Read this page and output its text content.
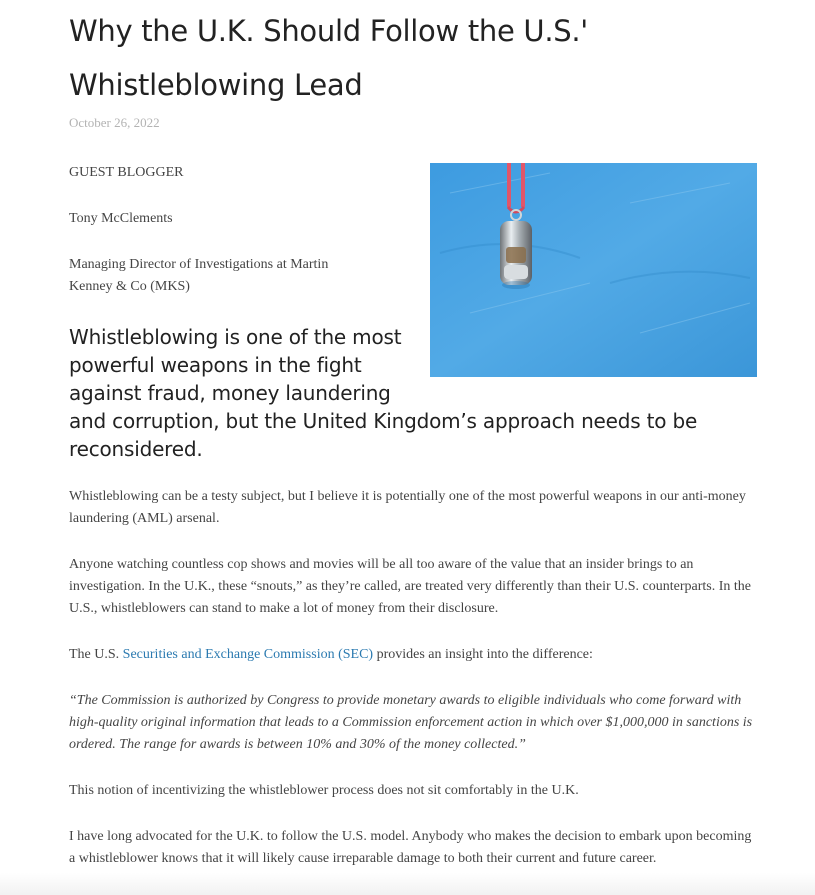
Why the U.K. Should Follow the U.S.'
Whistleblowing Lead
October 26, 2022

GUEST BLOGGER

Tony McClements

Managing Director of Investigations at Martin Kenney & Co (MKS)

Whistleblowing is one of the most powerful weapons in the fight against fraud, money laundering and corruption, but the United Kingdom’s approach needs to be reconsidered.

Whistleblowing can be a testy subject, but I believe it is potentially one of the most powerful weapons in our anti-money laundering (AML) arsenal.

Anyone watching countless cop shows and movies will be all too aware of the value that an insider brings to an investigation. In the U.K., these “snouts,” as they’re called, are treated very differently than their U.S. counterparts. In the U.S., whistleblowers can stand to make a lot of money from their disclosure.

The U.S. Securities and Exchange Commission (SEC) provides an insight into the difference:

“The Commission is authorized by Congress to provide monetary awards to eligible individuals who come forward with high-quality original information that leads to a Commission enforcement action in which over $1,000,000 in sanctions is ordered. The range for awards is between 10% and 30% of the money collected.”

This notion of incentivizing the whistleblower process does not sit comfortably in the U.K.

I have long advocated for the U.K. to follow the U.S. model. Anybody who makes the decision to embark upon becoming a whistleblower knows that it will likely cause irreparable damage to both their current and future career.
